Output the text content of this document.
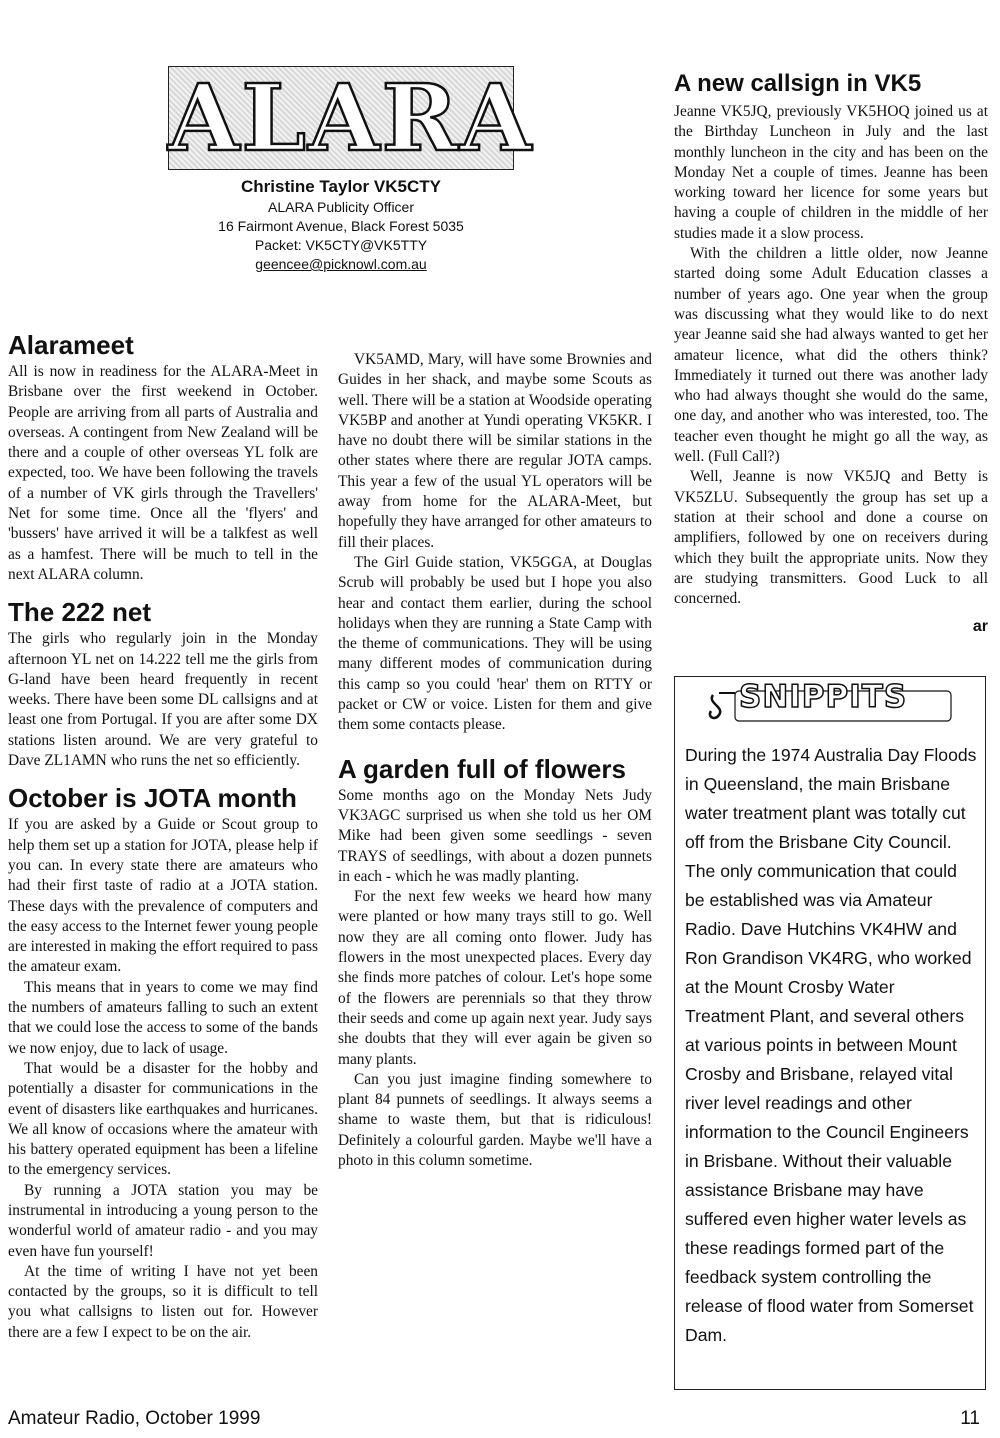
ALARA
Christine Taylor VK5CTY
ALARA Publicity Officer
16 Fairmont Avenue, Black Forest 5035
Packet: VK5CTY@VK5TTY
geencee@picknowl.com.au
Alarameet

All is now in readiness for the ALARA-Meet in Brisbane over the first weekend in October. People are arriving from all parts of Australia and overseas. A contingent from New Zealand will be there and a couple of other overseas YL folk are expected, too. We have been following the travels of a number of VK girls through the Travellers' Net for some time. Once all the 'flyers' and 'bussers' have arrived it will be a talkfest as well as a hamfest. There will be much to tell in the next ALARA column.

The 222 net

The girls who regularly join in the Monday afternoon YL net on 14.222 tell me the girls from G-land have been heard frequently in recent weeks. There have been some DL callsigns and at least one from Portugal. If you are after some DX stations listen around. We are very grateful to Dave ZL1AMN who runs the net so efficiently.

October is JOTA month

If you are asked by a Guide or Scout group to help them set up a station for JOTA, please help if you can. In every state there are amateurs who had their first taste of radio at a JOTA station. These days with the prevalence of computers and the easy access to the Internet fewer young people are interested in making the effort required to pass the amateur exam.

This means that in years to come we may find the numbers of amateurs falling to such an extent that we could lose the access to some of the bands we now enjoy, due to lack of usage.

That would be a disaster for the hobby and potentially a disaster for communications in the event of disasters like earthquakes and hurricanes. We all know of occasions where the amateur with his battery operated equipment has been a lifeline to the emergency services.

By running a JOTA station you may be instrumental in introducing a young person to the wonderful world of amateur radio - and you may even have fun yourself!

At the time of writing I have not yet been contacted by the groups, so it is difficult to tell you what callsigns to listen out for. However there are a few I expect to be on the air.

VK5AMD, Mary, will have some Brownies and Guides in her shack, and maybe some Scouts as well. There will be a station at Woodside operating VK5BP and another at Yundi operating VK5KR. I have no doubt there will be similar stations in the other states where there are regular JOTA camps. This year a few of the usual YL operators will be away from home for the ALARA-Meet, but hopefully they have arranged for other amateurs to fill their places.

The Girl Guide station, VK5GGA, at Douglas Scrub will probably be used but I hope you also hear and contact them earlier, during the school holidays when they are running a State Camp with the theme of communications. They will be using many different modes of communication during this camp so you could 'hear' them on RTTY or packet or CW or voice. Listen for them and give them some contacts please.

A garden full of flowers

Some months ago on the Monday Nets Judy VK3AGC surprised us when she told us her OM Mike had been given some seedlings - seven TRAYS of seedlings, with about a dozen punnets in each - which he was madly planting.

For the next few weeks we heard how many were planted or how many trays still to go. Well now they are all coming onto flower. Judy has flowers in the most unexpected places. Every day she finds more patches of colour. Let's hope some of the flowers are perennials so that they throw their seeds and come up again next year. Judy says she doubts that they will ever again be given so many plants.

Can you just imagine finding somewhere to plant 84 punnets of seedlings. It always seems a shame to waste them, but that is ridiculous! Definitely a colourful garden. Maybe we'll have a photo in this column sometime.

A new callsign in VK5

Jeanne VK5JQ, previously VK5HOQ joined us at the Birthday Luncheon in July and the last monthly luncheon in the city and has been on the Monday Net a couple of times. Jeanne has been working toward her licence for some years but having a couple of children in the middle of her studies made it a slow process.

With the children a little older, now Jeanne started doing some Adult Education classes a number of years ago. One year when the group was discussing what they would like to do next year Jeanne said she had always wanted to get her amateur licence, what did the others think? Immediately it turned out there was another lady who had always thought she would do the same, one day, and another who was interested, too. The teacher even thought he might go all the way, as well. (Full Call?)

Well, Jeanne is now VK5JQ and Betty is VK5ZLU. Subsequently the group has set up a station at their school and done a course on amplifiers, followed by one on receivers during which they built the appropriate units. Now they are studying transmitters. Good Luck to all concerned.

ar
SNIPPITS
During the 1974 Australia Day Floods in Queensland, the main Brisbane water treatment plant was totally cut off from the Brisbane City Council. The only communication that could be established was via Amateur Radio. Dave Hutchins VK4HW and Ron Grandison VK4RG, who worked at the Mount Crosby Water Treatment Plant, and several others at various points in between Mount Crosby and Brisbane, relayed vital river level readings and other information to the Council Engineers in Brisbane. Without their valuable assistance Brisbane may have suffered even higher water levels as these readings formed part of the feedback system controlling the release of flood water from Somerset Dam.
Amateur Radio, October 1999	11
